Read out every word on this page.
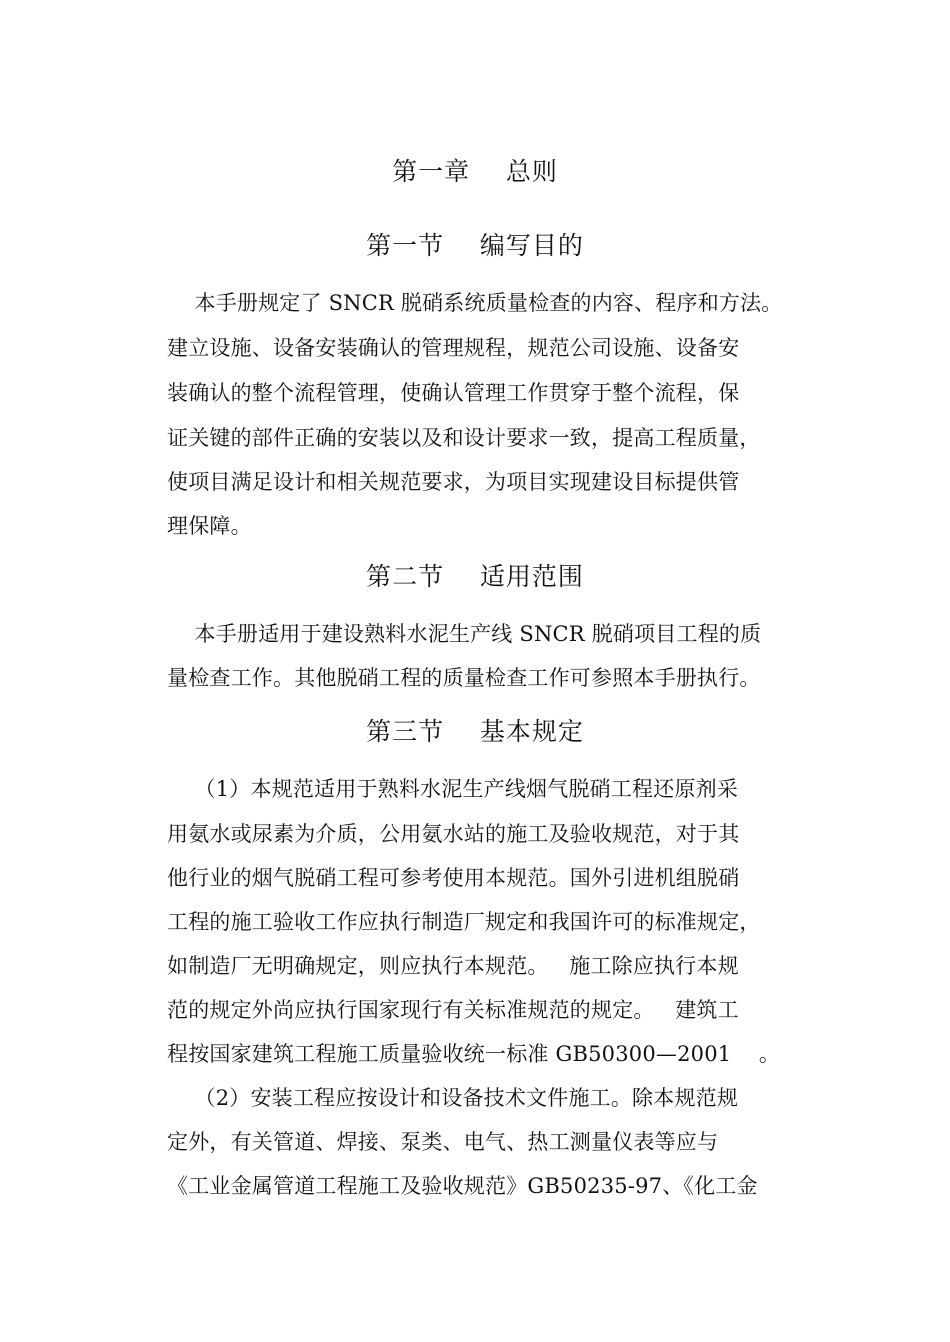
第一章    总则
第一节    编写目的
本手册规定了 SNCR 脱硝系统质量检查的内容、程序和方法。
建立设施、设备安装确认的管理规程，规范公司设施、设备安
装确认的整个流程管理，使确认管理工作贯穿于整个流程，保
证关键的部件正确的安装以及和设计要求一致，提高工程质量，
使项目满足设计和相关规范要求，为项目实现建设目标提供管
理保障。
第二节    适用范围
本手册适用于建设熟料水泥生产线 SNCR 脱硝项目工程的质
量检查工作。其他脱硝工程的质量检查工作可参照本手册执行。
第三节    基本规定
（1）本规范适用于熟料水泥生产线烟气脱硝工程还原剂采
用氨水或尿素为介质，公用氨水站的施工及验收规范，对于其
他行业的烟气脱硝工程可参考使用本规范。国外引进机组脱硝
工程的施工验收工作应执行制造厂规定和我国许可的标准规定，
如制造厂无明确规定，则应执行本规范。   施工除应执行本规
范的规定外尚应执行国家现行有关标准规范的规定。   建筑工
程按国家建筑工程施工质量验收统一标准 GB50300—2001    。
（2）安装工程应按设计和设备技术文件施工。除本规范规
定外，有关管道、焊接、泵类、电气、热工测量仪表等应与
《工业金属管道工程施工及验收规范》GB50235-97、《化工金
